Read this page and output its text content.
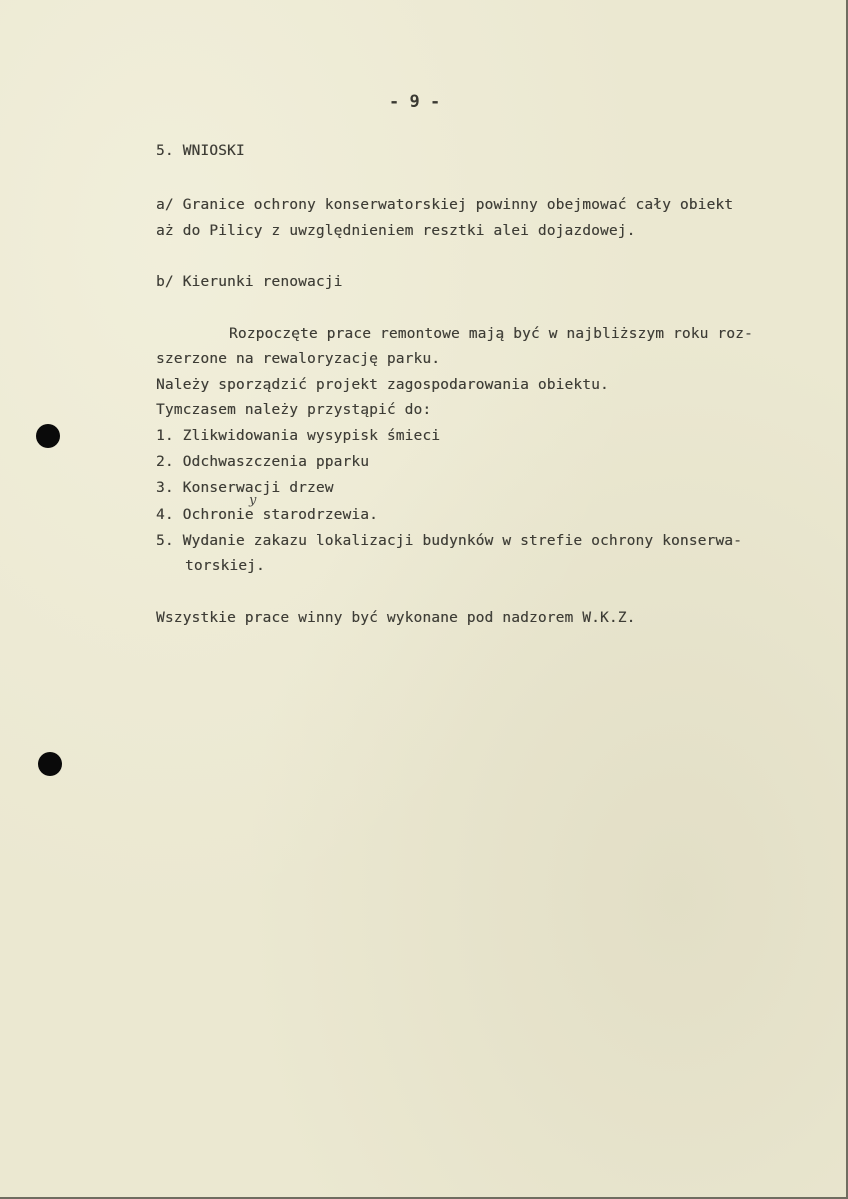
- 9 -
5. WNIOSKI
a/ Granice ochrony konserwatorskiej powinny obejmować cały obiekt
aż do Pilicy z uwzględnieniem resztki alei dojazdowej.
b/ Kierunki renowacji
Rozpoczęte prace remontowe mają być w najbliższym roku roz-
szerzone na rewaloryzację parku.
Należy sporządzić projekt zagospodarowania obiektu.
Tymczasem należy przystąpić do:
1. Zlikwidowania wysypisk śmieci
2. Odchwaszczenia pparku
3. Konserwacji drzew
4. Ochronie starodrzewia.
y
5. Wydanie zakazu lokalizacji budynków w strefie ochrony konserwa-
torskiej.
Wszystkie prace winny być wykonane pod nadzorem W.K.Z.
